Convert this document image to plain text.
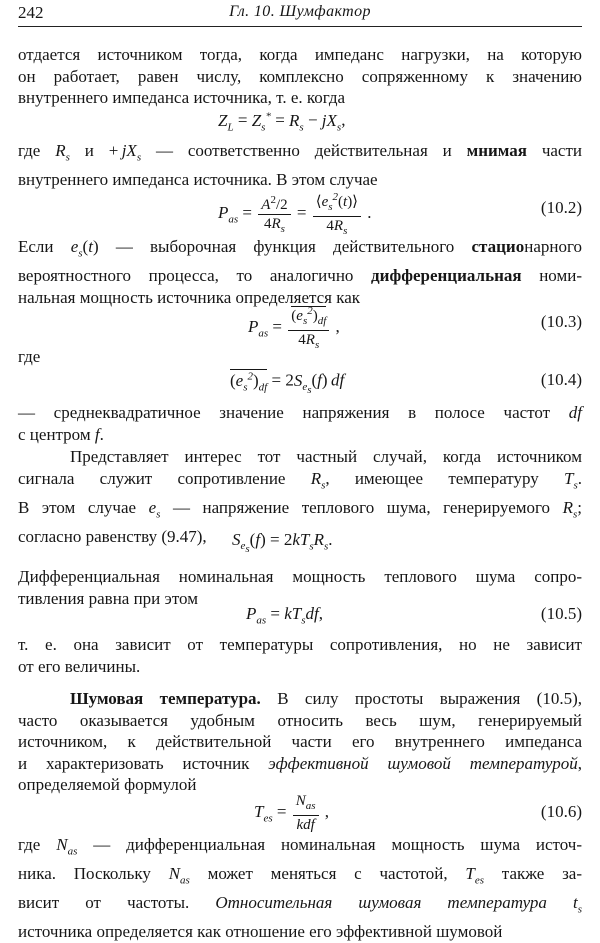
242	Гл. 10. Шумфактор
отдается источником тогда, когда импеданс нагрузки, на которую
он работает, равен числу, комплексно сопряженному к значению
внутреннего импеданса источника, т. е. когда
$Z_L = Z_s^* = R_s - jX_s$,
где $R_s$ $и + jX_s$ — соответственно действительная и мнимая части
внутреннего импеданса источника. В этом случае
$P_{as} = \frac{A^2/2}{4R_s} = \frac{⟨e_s^2(t)⟩}{4R_s}$ .	(10.2)
Если $e_s(t)$ — выборочная функция действительного стационарного
вероятностного процесса, то аналогично дифференциальная номи-
нальная мощность источника определяется как
$P_{as} = \frac{(e_s^2)_{df}}{4R_s}$ ,	(10.3)
где
$(e_s^2)_{df} = 2S_{e_s}(f)$ df	(10.4)
— среднеквадратичное значение напряжения в полосе частот df
с центром f.
Представляет интерес тот частный случай, когда источником
сигнала служит сопротивление $R_s$, имеющее температуру $T_s$.
В этом случае $e_s$ — напряжение теплового шума, генерируемого $R_s$;
согласно равенству (9.47),	$S_{e_s}(f) = 2kT_sR_s$.
Дифференциальная номинальная мощность теплового шума сопро-
тивления равна при этом
$P_{as} = kT_sdf$,	(10.5)
т. е. она зависит от температуры сопротивления, но не зависит
от его величины.
Шумовая температура. В силу простоты выражения (10.5),
часто оказывается удобным относить весь шум, генерируемый
источником, к действительной части его внутреннего импеданса
и характеризовать источник эффективной шумовой температурой,
определяемой формулой
$T_{es} = \frac{N_{as}}{\text{kdf}}$ ,	(10.6)
где $N_{as}$ — дифференциальная номинальная мощность шума источ-
ника. Поскольку $N_{as}$ может меняться с частотой, $T_{es}$ также за-
висит от частоты. Относительная шумовая температура $t_s$
источника определяется как отношение его эффективной шумовой
